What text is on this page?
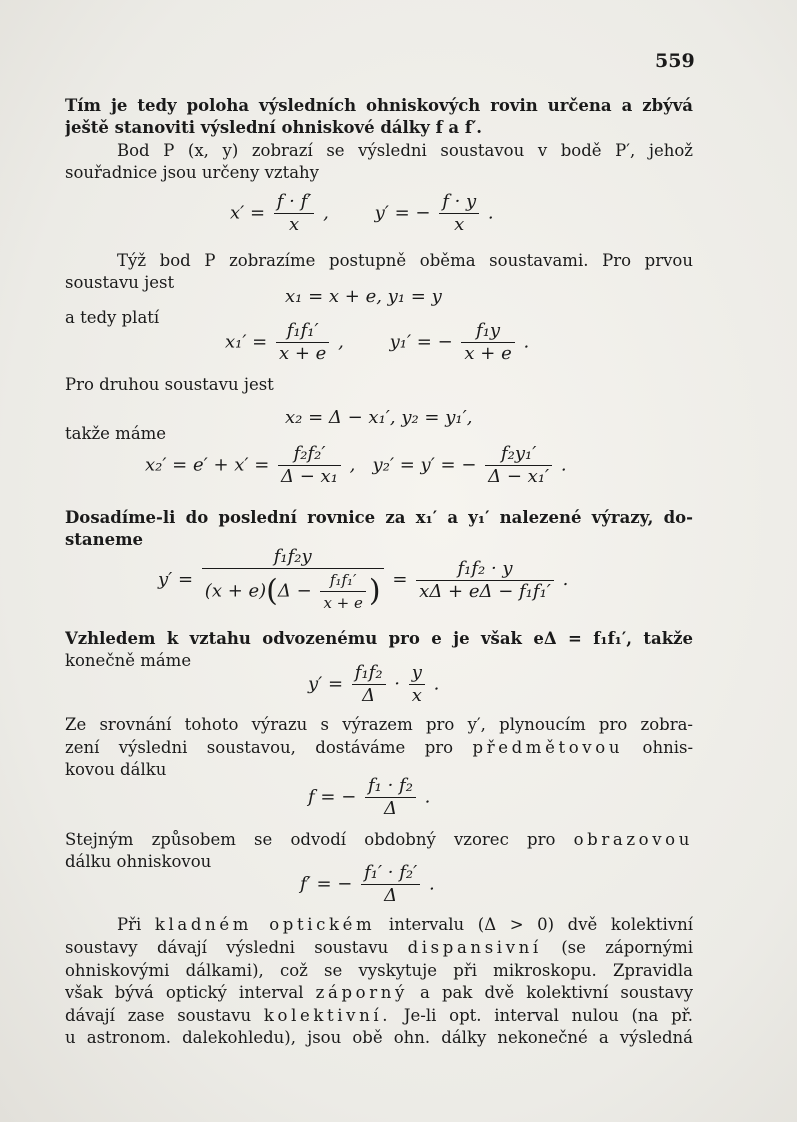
559
Tím je tedy poloha výsledních ohniskových rovin určena a zbývá
ještě stanoviti výslední ohniskové dálky f a f′.
Bod P (x, y) zobrazí se výsledni soustavou v bodě P′, jehož
souřadnice jsou určeny vztahy
$x' = \frac{f \cdot f'}{x}$ ,        y′ = − $\frac{f \cdot y}{x}$ .
Týž bod P zobrazíme postupně oběma soustavami. Pro prvou
soustavu jest
x₁ = x + e, y₁ = y
a tedy platí
$x_1' = \frac{\text{f₁f₁′}}{x + e}$ ,        y₁′ = − $\frac{\text{f₁y}}{x + e}$ .
Pro druhou soustavu jest
x₂ = Δ − x₁′, y₂ = y₁′,
takže máme
$x_2' = e' + x' = \frac{\text{f₂f₂′}}{\text{Δ − x₁}}$ ,   y₂′ = y′ = − $\frac{\text{f₂y₁′}}{\text{Δ − x₁′}}$ .
Dosadíme-li do poslední rovnice za x₁′ a y₁′ nalezené výrazy, do-
staneme
$y' = \frac{\text{f₁f₂y}}{(x + e)(\Delta - \frac{\text{f₁f₁′}}{x + e} )} = \frac{\text{f₁f₂ · y}}{\text{xΔ + eΔ − f₁f₁′}}$ .
Vzhledem k vztahu odvozenému pro e je však eΔ = f₁f₁′, takže
konečně máme
$y' = \frac{\text{f₁f₂}}{\Delta} \cdot \frac{y}{x}$ .
Ze srovnání tohoto výrazu s výrazem pro y′, plynoucím pro zobra-
zení výsledni soustavou, dostáváme pro předmětovou ohnis-
kovou dálku
f = − $\frac{\text{f₁ · f₂}}{\Delta}$ .
Stejným způsobem se odvodí obdobný vzorec pro obrazovou
dálku ohniskovou
f′ = − $\frac{\text{f₁′ · f₂′}}{\Delta}$ .
Při kladném optickém intervalu (Δ > 0) dvě kolektivní
soustavy dávají výsledni soustavu dispansivní (se zápornými
ohniskovými dálkami), což se vyskytuje při mikroskopu. Zpravidla
však bývá optický interval záporný a pak dvě kolektivní soustavy
dávají zase soustavu kolektivní. Je-li opt. interval nulou (na př.
u astronom. dalekohledu), jsou obě ohn. dálky nekonečné a výsledná
